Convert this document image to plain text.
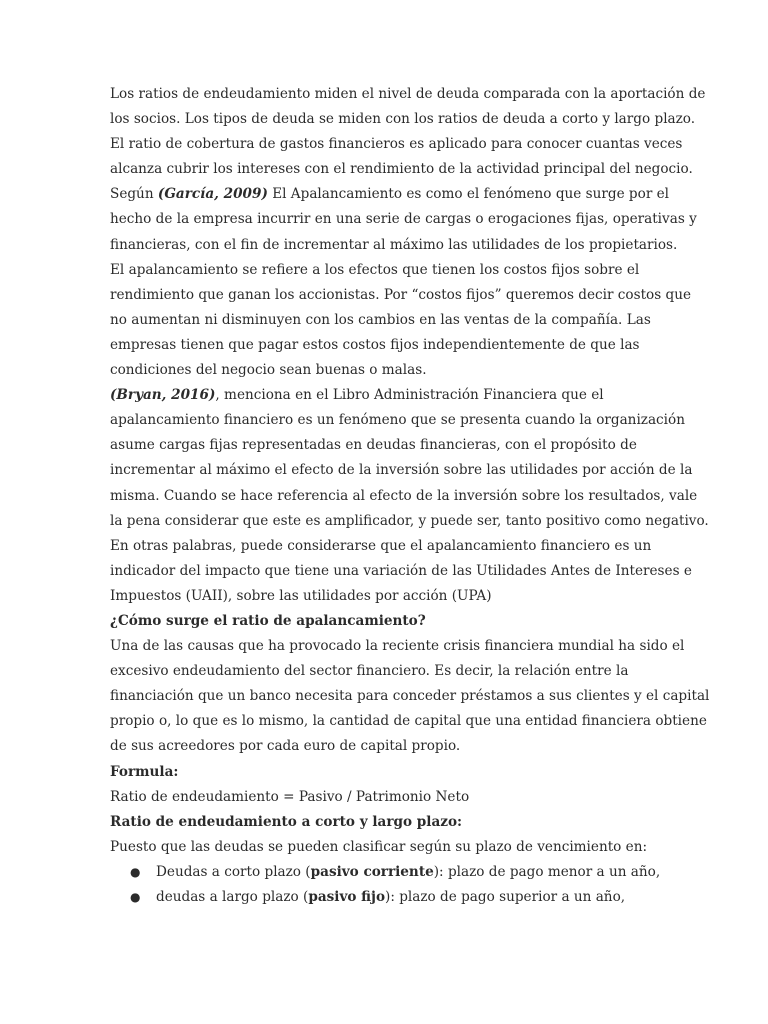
Los ratios de endeudamiento miden el nivel de deuda comparada con la aportación de
los socios. Los tipos de deuda se miden con los ratios de deuda a corto y largo plazo.
El ratio de cobertura de gastos financieros es aplicado para conocer cuantas veces
alcanza cubrir los intereses con el rendimiento de la actividad principal del negocio.
Según (García, 2009) El Apalancamiento es como el fenómeno que surge por el
hecho de la empresa incurrir en una serie de cargas o erogaciones fijas, operativas y
financieras, con el fin de incrementar al máximo las utilidades de los propietarios.
El apalancamiento se refiere a los efectos que tienen los costos fijos sobre el
rendimiento que ganan los accionistas. Por “costos fijos” queremos decir costos que
no aumentan ni disminuyen con los cambios en las ventas de la compañía. Las
empresas tienen que pagar estos costos fijos independientemente de que las
condiciones del negocio sean buenas o malas.
(Bryan, 2016), menciona en el Libro Administración Financiera que el
apalancamiento financiero es un fenómeno que se presenta cuando la organización
asume cargas fijas representadas en deudas financieras, con el propósito de
incrementar al máximo el efecto de la inversión sobre las utilidades por acción de la
misma. Cuando se hace referencia al efecto de la inversión sobre los resultados, vale
la pena considerar que este es amplificador, y puede ser, tanto positivo como negativo.
En otras palabras, puede considerarse que el apalancamiento financiero es un
indicador del impacto que tiene una variación de las Utilidades Antes de Intereses e
Impuestos (UAII), sobre las utilidades por acción (UPA)
¿Cómo surge el ratio de apalancamiento?
Una de las causas que ha provocado la reciente crisis financiera mundial ha sido el
excesivo endeudamiento del sector financiero. Es decir, la relación entre la
financiación que un banco necesita para conceder préstamos a sus clientes y el capital
propio o, lo que es lo mismo, la cantidad de capital que una entidad financiera obtiene
de sus acreedores por cada euro de capital propio.
Formula:
Ratio de endeudamiento = Pasivo / Patrimonio Neto
Ratio de endeudamiento a corto y largo plazo:
Puesto que las deudas se pueden clasificar según su plazo de vencimiento en:
● Deudas a corto plazo (pasivo corriente): plazo de pago menor a un año,
● deudas a largo plazo (pasivo fijo): plazo de pago superior a un año,
